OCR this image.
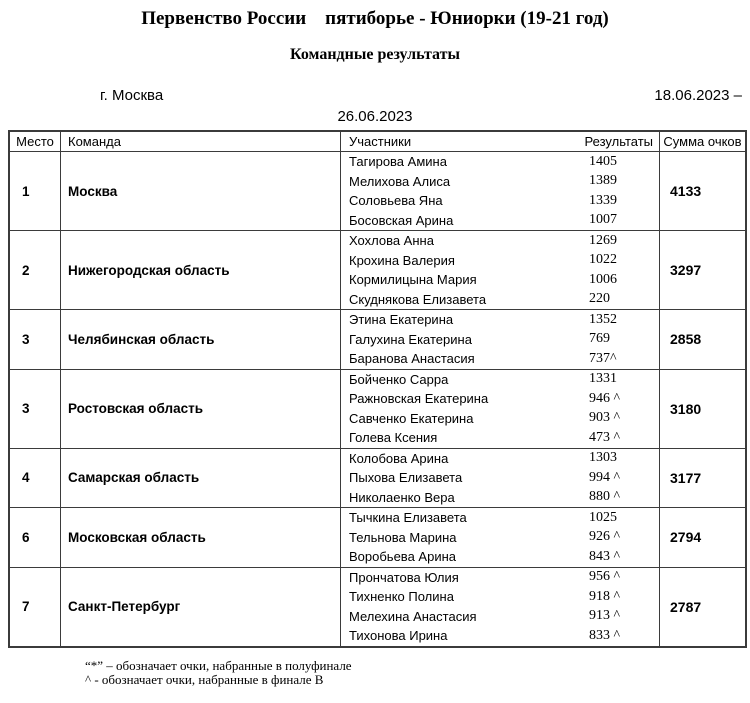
Первенство России    пятиборье - Юниорки (19-21 год)
Командные результаты
г. Москва	18.06.2023 –
26.06.2023
Место	Команда	Участники Результаты	Сумма очков

1	Москва	
Тагирова Амина	1405
Мелихова Алиса	1389
Соловьева Яна	1339
Босовская Арина	1007
	4133
2	Нижегородская область	
Хохлова Анна	1269
Крохина Валерия	1022
Кормилицына Мария	1006
Скуднякова Елизавета	220
	3297
3	Челябинская область	
Этина Екатерина	1352
Галухина Екатерина	769
Баранова Анастасия	737^
	2858
3	Ростовская область	
Бойченко Сарра	1331
Ражновская Екатерина	946 ^
Савченко Екатерина	903 ^
Голева Ксения	473 ^
	3180
4	Самарская область	
Колобова Арина	1303
Пыхова Елизавета	994 ^
Николаенко Вера	880 ^
	3177
6	Московская область	
Тычкина Елизавета	1025
Тельнова Марина	926 ^
Воробьева Арина	843 ^
	2794
7	Санкт-Петербург	
Прончатова Юлия	956 ^
Тихненко Полина	918 ^
Мелехина Анастасия	913 ^
Тихонова Ирина	833 ^
	2787
“*” – обозначает очки, набранные в полуфинале
^ - обозначает очки, набранные в финале В
